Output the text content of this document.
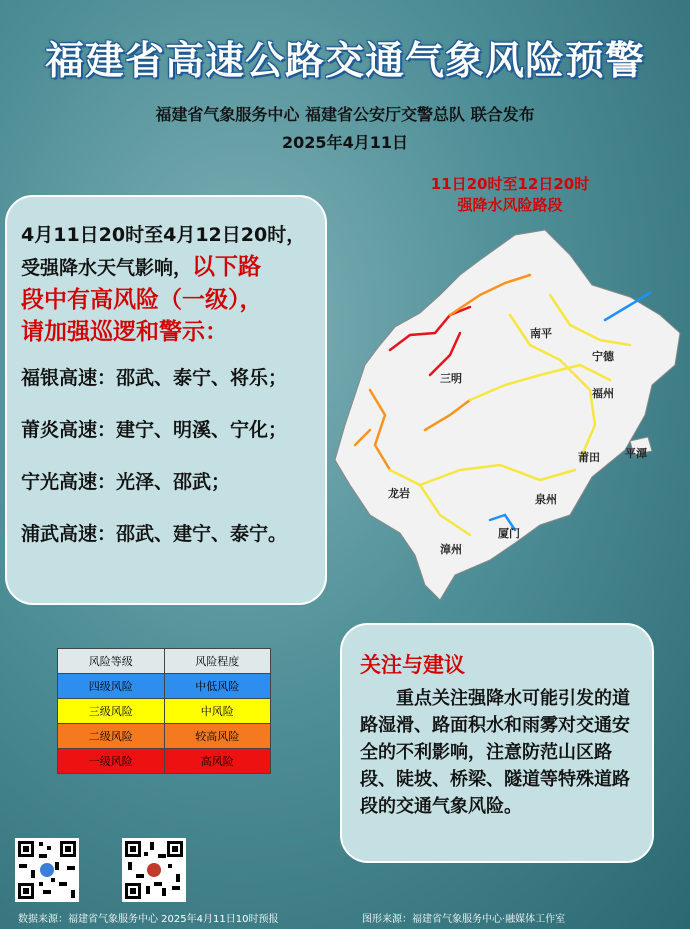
福建省高速公路交通气象风险预警
福建省气象服务中心 福建省公安厅交警总队 联合发布
2025年4月11日
4月11日20时至4月12日20时，
受强降水天气影响，以下路
段中有高风险（一级），
请加强巡逻和警示：
福银高速：邵武、泰宁、将乐；
莆炎高速：建宁、明溪、宁化；
宁光高速：光泽、邵武；
浦武高速：邵武、建宁、泰宁。
11日20时至12日20时
强降水风险路段
南平
宁德
三明
福州
莆田 平潭
龙岩	泉州
厦门
漳州
风险等级	风险程度
四级风险	中低风险
三级风险	中风险
二级风险	较高风险
一级风险	高风险
关注与建议
重点关注强降水可能引发的道路湿滑、路面积水和雨雾对交通安全的不利影响，注意防范山区路段、陡坡、桥梁、隧道等特殊道路段的交通气象风险。
数据来源：福建省气象服务中心 2025年4月11日10时预报	图形来源：福建省气象服务中心·融媒体工作室
